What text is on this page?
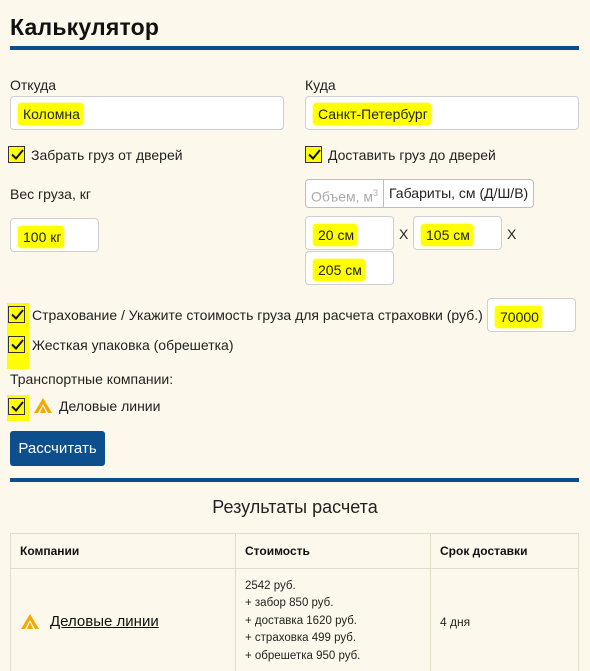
Калькулятор
Откуда
Коломна
Куда
Санкт-Петербург
Забрать груз от дверей	Доставить груз до дверей
Вес груза, кг
100 кг
Объем, $м^3$ Габариты, см (Д/Ш/В)
20 см	X	105 см	X
205 см
Страхование / Укажите стоимость груза для расчета страховки (руб.)	70000
Жесткая упаковка (обрешетка)
Транспортные компании:
Деловые линии
Рассчитать
Результаты расчета
Компании	Стоимость	Срок доставки

Деловые линии	2542 руб.
+ забор 850 руб.
+ доставка 1620 руб.
+ страховка 499 руб.
+ обрешетка 950 руб.	4 дня
